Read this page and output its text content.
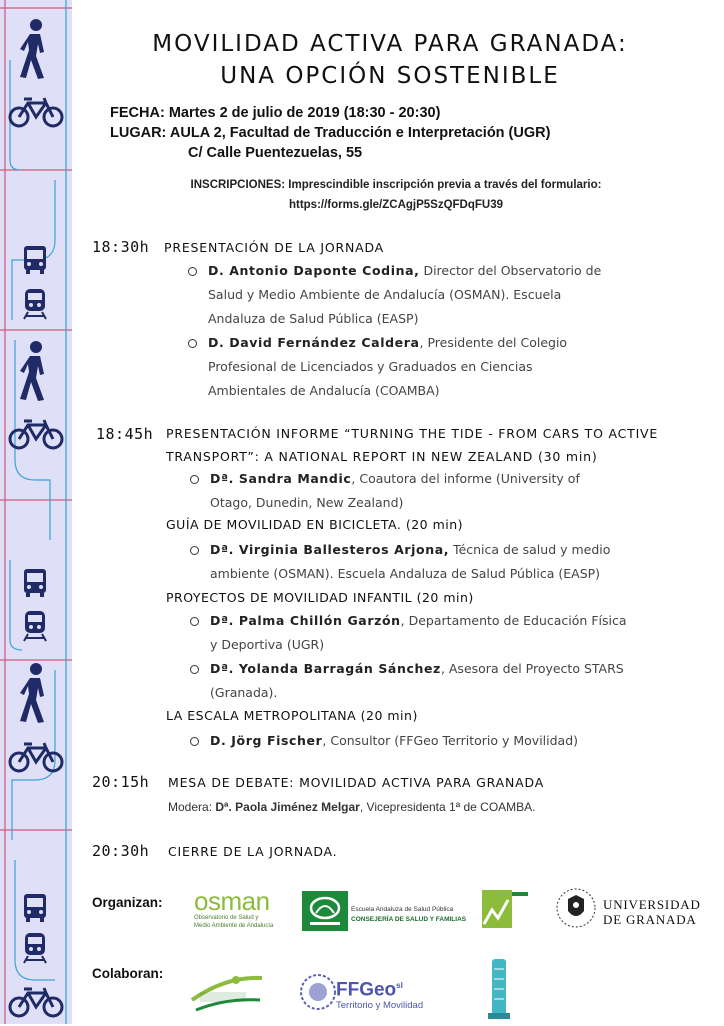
MOVILIDAD ACTIVA PARA GRANADA:
UNA OPCIÓN SOSTENIBLE
FECHA: Martes 2 de julio de 2019 (18:30 - 20:30)
LUGAR: AULA 2, Facultad de Traducción e Interpretación (UGR)
C/ Calle Puentezuelas, 55
INSCRIPCIONES: Imprescindible inscripción previa a través del formulario:
https://forms.gle/ZCAgjP5SzQFDqFU39
18:30h PRESENTACIÓN DE LA JORNADA
D. Antonio Daponte Codina, Director del Observatorio de
Salud y Medio Ambiente de Andalucía (OSMAN). Escuela
Andaluza de Salud Pública (EASP)
D. David Fernández Caldera, Presidente del Colegio
Profesional de Licenciados y Graduados en Ciencias
Ambientales de Andalucía (COAMBA)
18:45h PRESENTACIÓN INFORME “TURNING THE TIDE - FROM CARS TO ACTIVE
TRANSPORT”: A NATIONAL REPORT IN NEW ZEALAND (30 min)
Dª. Sandra Mandic, Coautora del informe (University of
Otago, Dunedin, New Zealand)
GUÍA DE MOVILIDAD EN BICICLETA. (20 min)
Dª. Virginia Ballesteros Arjona, Técnica de salud y medio
ambiente (OSMAN). Escuela Andaluza de Salud Pública (EASP)
PROYECTOS DE MOVILIDAD INFANTIL (20 min)
Dª. Palma Chillón Garzón, Departamento de Educación Física
y Deportiva (UGR)
Dª. Yolanda Barragán Sánchez, Asesora del Proyecto STARS
(Granada).
LA ESCALA METROPOLITANA (20 min)
D. Jörg Fischer, Consultor (FFGeo Territorio y Movilidad)
20:15h MESA DE DEBATE: MOVILIDAD ACTIVA PARA GRANADA
Modera: Dª. Paola Jiménez Melgar, Vicepresidenta 1ª de COAMBA.
20:30h CIERRE DE LA JORNADA.
Organizan: osman
Observatorio de Salud y
Medio Ambiente de Andalucía
Escuela Andaluza de Salud Pública
CONSEJERÍA DE SALUD Y FAMILIAS
UNIVERSIDAD
DE GRANADA
Colaboran:
FFGeo$^{sl}$
Territorio y Movilidad
